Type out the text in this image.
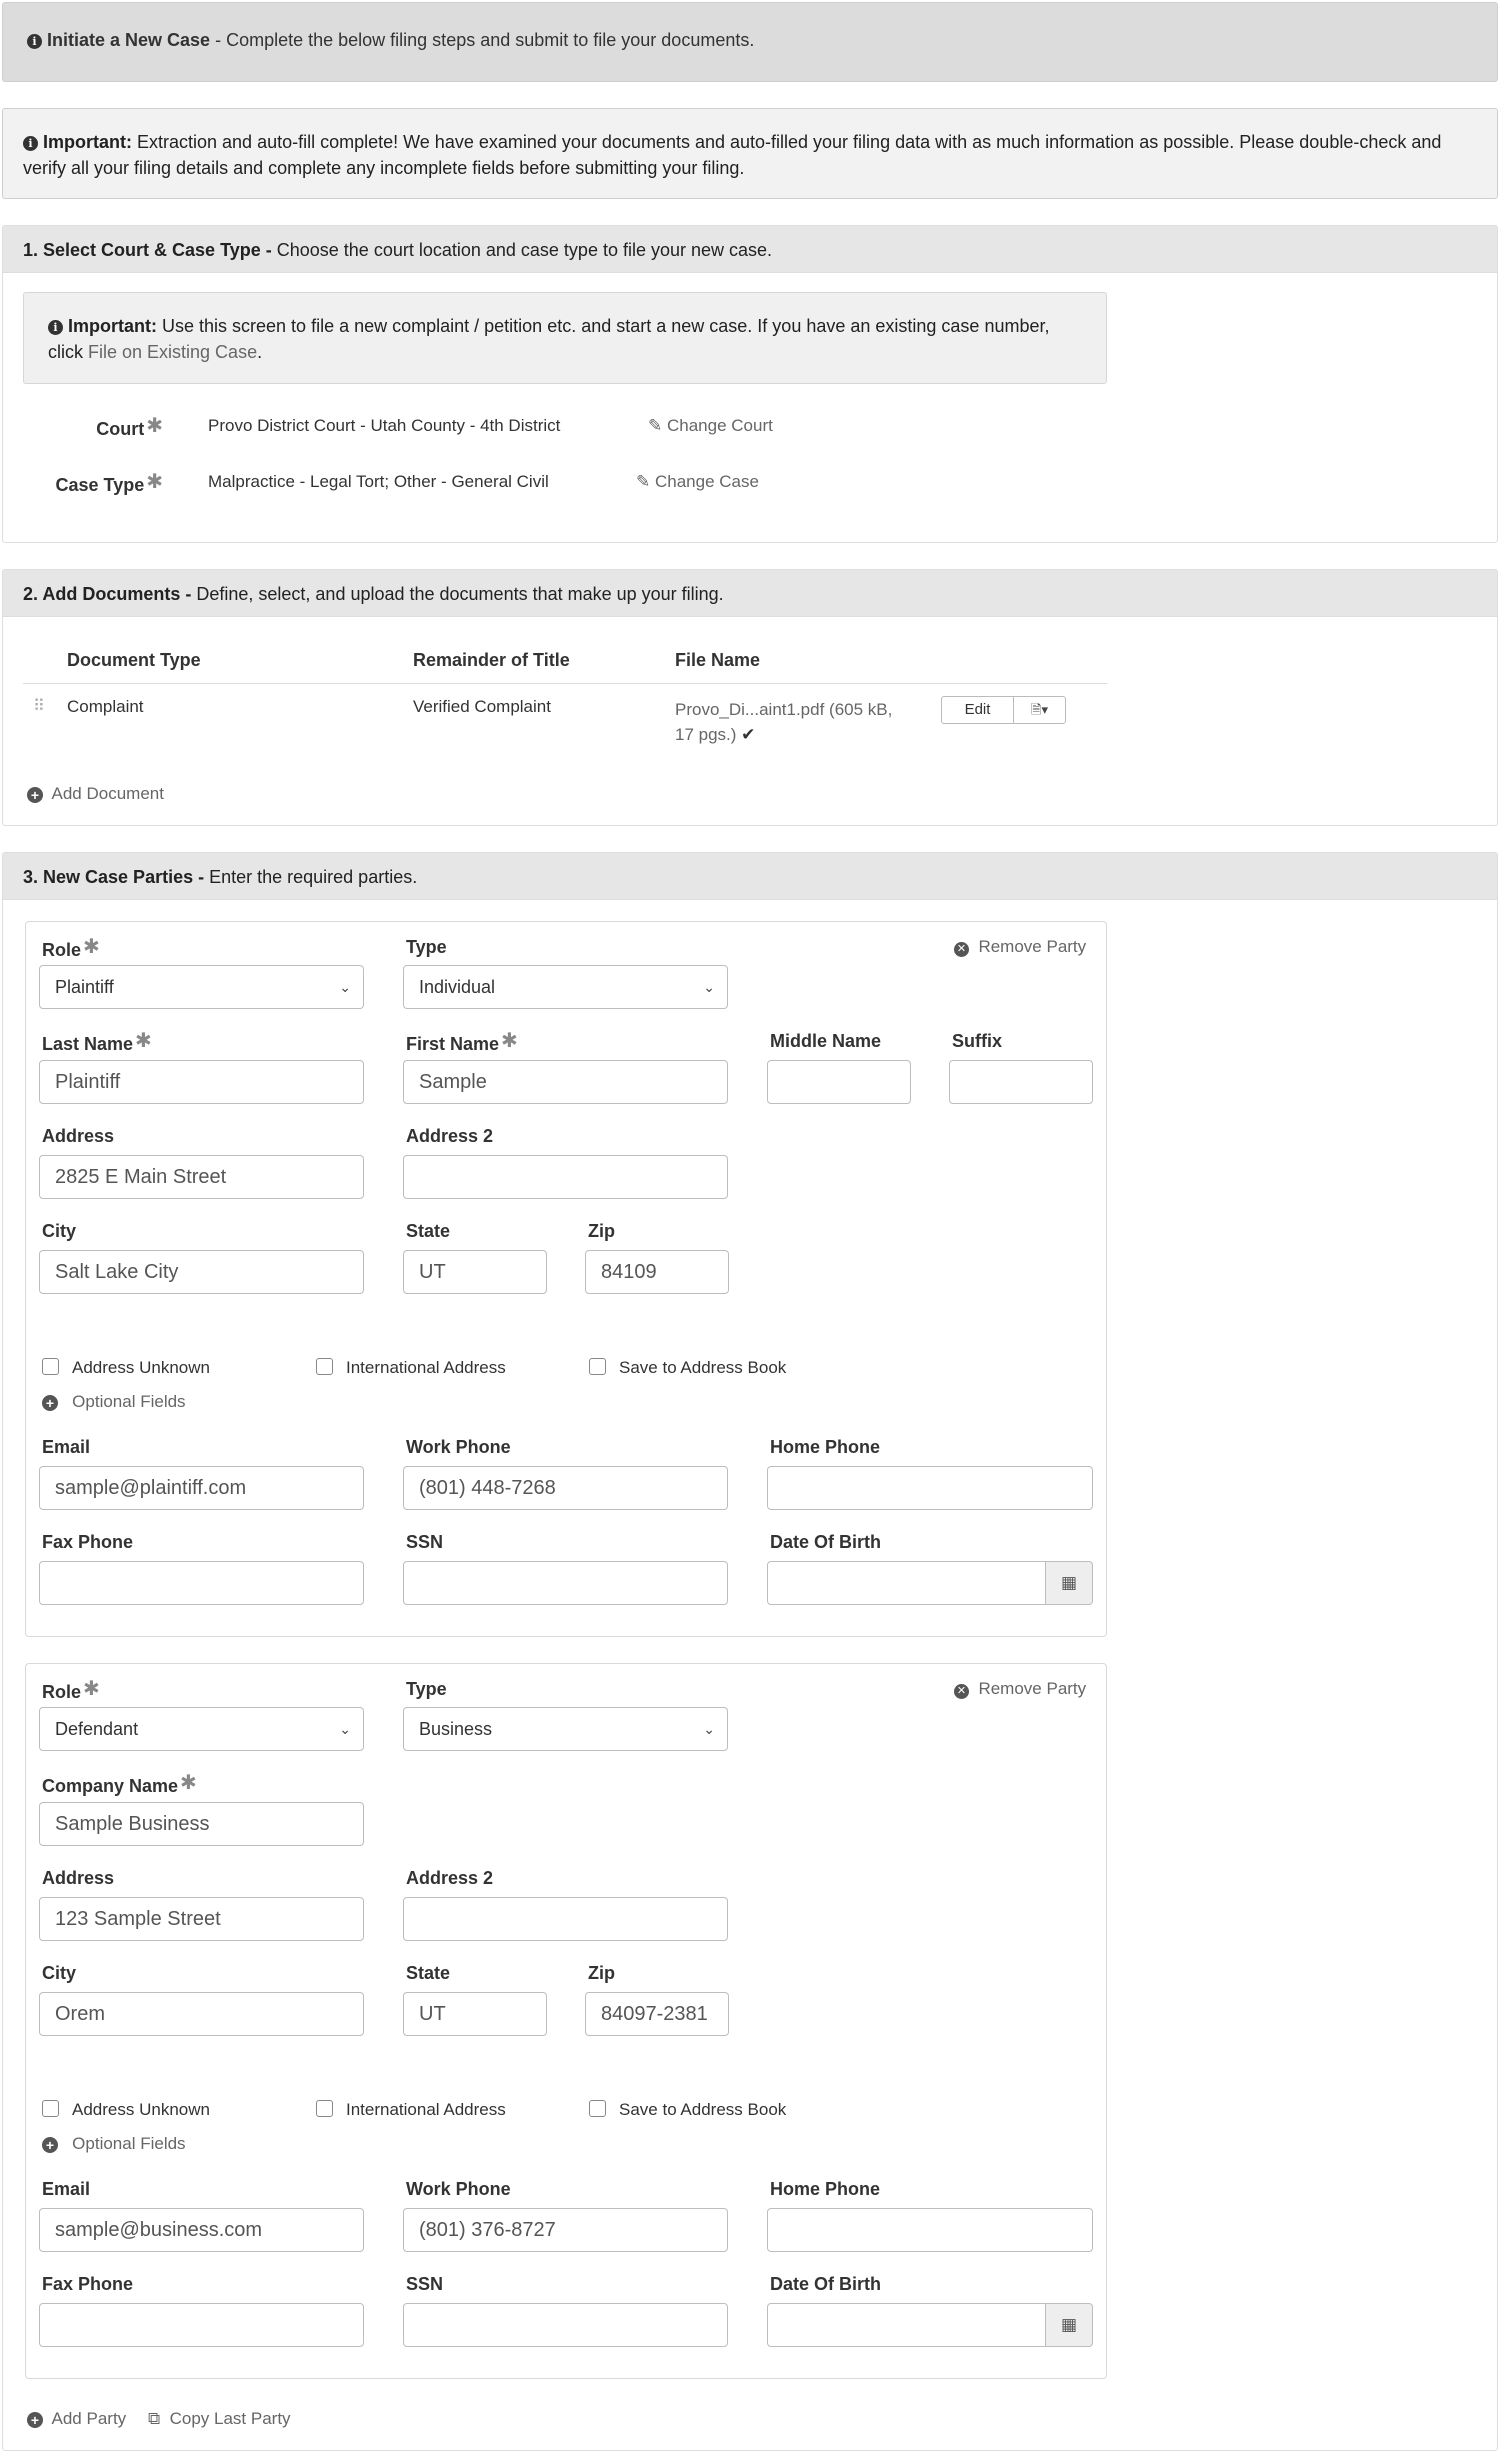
i Initiate a New Case - Complete the below filing steps and submit to file your documents.
i Important: Extraction and auto-fill complete! We have examined your documents and auto-filled your filing data with as much information as possible. Please double-check and verify all your filing details and complete any incomplete fields before submitting your filing.
1. Select Court & Case Type - Choose the court location and case type to file your new case.
i Important: Use this screen to file a new complaint / petition etc. and start a new case. If you have an existing case number, click File on Existing Case.
Court ✱	Provo District Court - Utah County - 4th District	✎ Change Court
Case Type ✱	Malpractice - Legal Tort; Other - General Civil	✎ Change Case
2. Add Documents - Define, select, and upload the documents that make up your filing.
Document Type	Remainder of Title	File Name
⠿ Complaint	Verified Complaint	Provo_Di...aint1.pdf (605 kB,
17 pgs.) ✔
Edit	🗎▾
+ Add Document
3. New Case Parties - Enter the required parties.
Role ✱
Plaintiff	⌄
Type
Individual	⌄
✕ Remove Party
Last Name ✱
Plaintiff
First Name ✱
Sample
Middle Name	Suffix
Address
2825 E Main Street
Address 2
City
Salt Lake City
State
UT
Zip
84109
Address Unknown	International Address	Save to Address Book
+ Optional Fields
Email
sample@plaintiff.com
Work Phone
(801) 448-7268
Home Phone
Fax Phone	SSN	Date Of Birth
▦
Role ✱
Defendant	⌄
Type
Business	⌄
✕ Remove Party
Company Name ✱
Sample Business
Address
123 Sample Street
Address 2
City
Orem
State
UT
Zip
84097-2381
Address Unknown	International Address	Save to Address Book
+ Optional Fields
Email
sample@business.com
Work Phone
(801) 376-8727
Home Phone
Fax Phone	SSN	Date Of Birth
▦
+ Add Party ⧉ Copy Last Party
